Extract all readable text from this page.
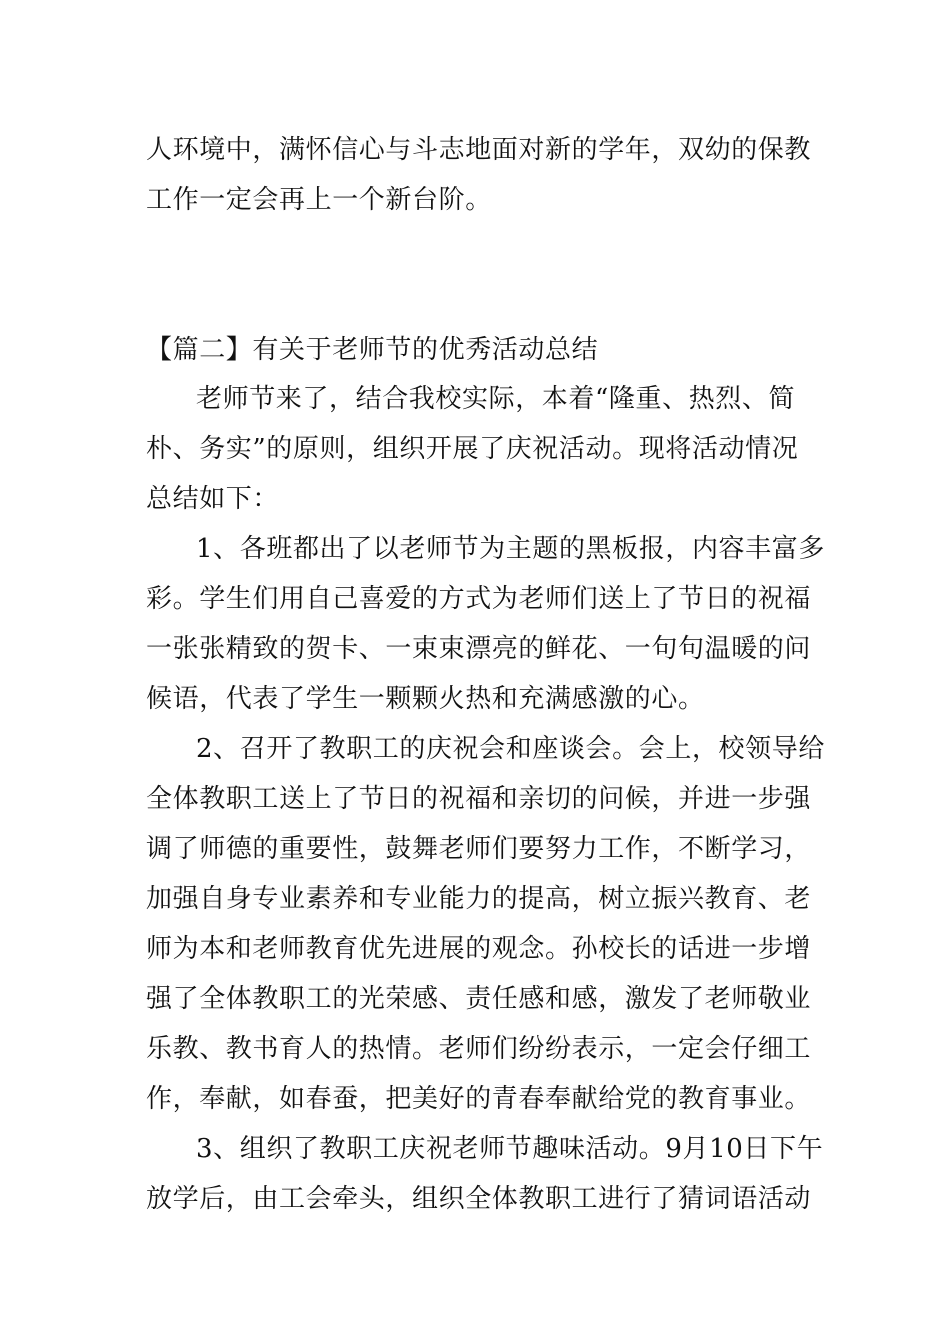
人环境中，满怀信心与斗志地面对新的学年，双幼的保教
工作一定会再上一个新台阶。
【篇二】有关于老师节的优秀活动总结
老师节来了，结合我校实际，本着“隆重、热烈、简
朴、务实”的原则，组织开展了庆祝活动。现将活动情况
总结如下：
1、各班都出了以老师节为主题的黑板报，内容丰富多
彩。学生们用自己喜爱的方式为老师们送上了节日的祝福
一张张精致的贺卡、一束束漂亮的鲜花、一句句温暖的问
候语，代表了学生一颗颗火热和充满感激的心。
2、召开了教职工的庆祝会和座谈会。会上，校领导给
全体教职工送上了节日的祝福和亲切的问候，并进一步强
调了师德的重要性，鼓舞老师们要努力工作，不断学习，
加强自身专业素养和专业能力的提高，树立振兴教育、老
师为本和老师教育优先进展的观念。孙校长的话进一步增
强了全体教职工的光荣感、责任感和感，激发了老师敬业
乐教、教书育人的热情。老师们纷纷表示，一定会仔细工
作，奉献，如春蚕，把美好的青春奉献给党的教育事业。
3、组织了教职工庆祝老师节趣味活动。9月10日下午
放学后，由工会牵头，组织全体教职工进行了猜词语活动
